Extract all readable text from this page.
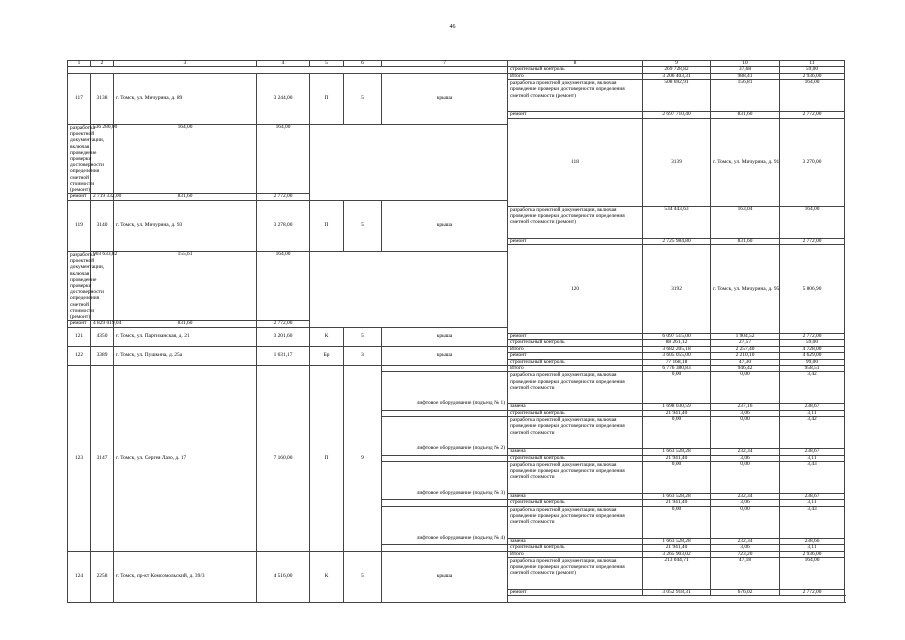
46
1	2	3	4	5	6	7	8	9	10	11	
							строительный контроль	269 728,82	37,68	59,00	
117	3138	г. Томск, ул. Мичурина, д. 89	3 244,00	П	5	крыша	Итого	3 206 403,31	988,41	2 936,00	
							разработка проектной документации, включая проведение проверки достоверности определения сметной стоимости (ремонт)	508 692,91	156,81	164,00	
							ремонт	2 697 710,40	831,60	2 772,00	
							118	3139	г. Томск, ул. Мичурина, д. 91	3 270,00							
разработка проектной документации, включая проведение проверки достоверности определения сметной стоимости (ремонт)	536 280,00	164,00	164,00								
ремонт	2 719 332,00	831,60	2 772,00								
119	3140	г. Томск, ул. Мичурина, д. 93	3 278,00	П	5	крыша				
							разработка проектной документации, включая проведение проверки достоверности определения сметной стоимости (ремонт)	534 443,63	163,04	164,00	
							ремонт	2 725 984,80	831,60	2 772,00	
							120	3192	г. Томск, ул. Мичурина, д. 95	5 806,90							
разработка проектной документации, включая проведение проверки достоверности определения сметной стоимости (ремонт)	903 633,82	155,61	164,00								
ремонт	4 829 019,04	831,60	2 772,00								
121	4350	г. Томск, ул. Партизанская, д. 21	3 201,60	К	5	крыша				
							ремонт	6 097 515,00	1 904,52	2 772,00	
							строительный контроль	88 261,12	27,57	59,00	
122	3389	г. Томск, ул. Пушкина, д. 25а	1 631,17	Бр	3	крыша	Итого	3 682 205,18	2 257,40	4 728,00	
							ремонт	3 605 055,00	2 210,10	4 629,00	
							строительный контроль	77 168,18	47,30	99,00	
123	3147	г. Томск, ул. Сергея Лазо, д. 17	7 160,00	П	9		Итого	6 776 380,83	946,42	958,51	
						лифтовое оборудование (подъезд № 1)	разработка проектной документации, включая проведение проверки достоверности определения сметной стоимости	0,00	0,00	3,42	
							замена	1 698 030,59	237,16	238,67	
							строительный контроль	21 941,40	3,06	3,11	
						лифтовое оборудование (подъезд № 2)	разработка проектной документации, включая проведение проверки достоверности определения сметной стоимости	0,00	0,00	3,42	
							замена	1 663 528,28	232,34	238,67	
							строительный контроль	21 941,40	3,06	3,11	
						лифтовое оборудование (подъезд № 3)	разработка проектной документации, включая проведение проверки достоверности определения сметной стоимости	0,00	0,00	3,43	
							замена	1 663 528,28	232,34	238,67	
							строительный контроль	21 941,40	3,06	3,11	
						лифтовое оборудование (подъезд № 4)	разработка проектной документации, включая проведение проверки достоверности определения сметной стоимости	0,00	0,00	3,43	
							замена	1 663 528,28	232,34	238,66	
							строительный контроль	21 941,40	3,06	3,11	
124	2258	г. Томск, пр-кт Комсомольский, д. 39/3	4 516,00	К	5	крыша	Итого	3 265 903,02	723,20	2 936,00	
							разработка проектной документации, включая проведение проверки достоверности определения сметной стоимости (ремонт)	213 044,71	47,18	164,00	
							ремонт	3 052 918,31	676,02	2 772,00	
